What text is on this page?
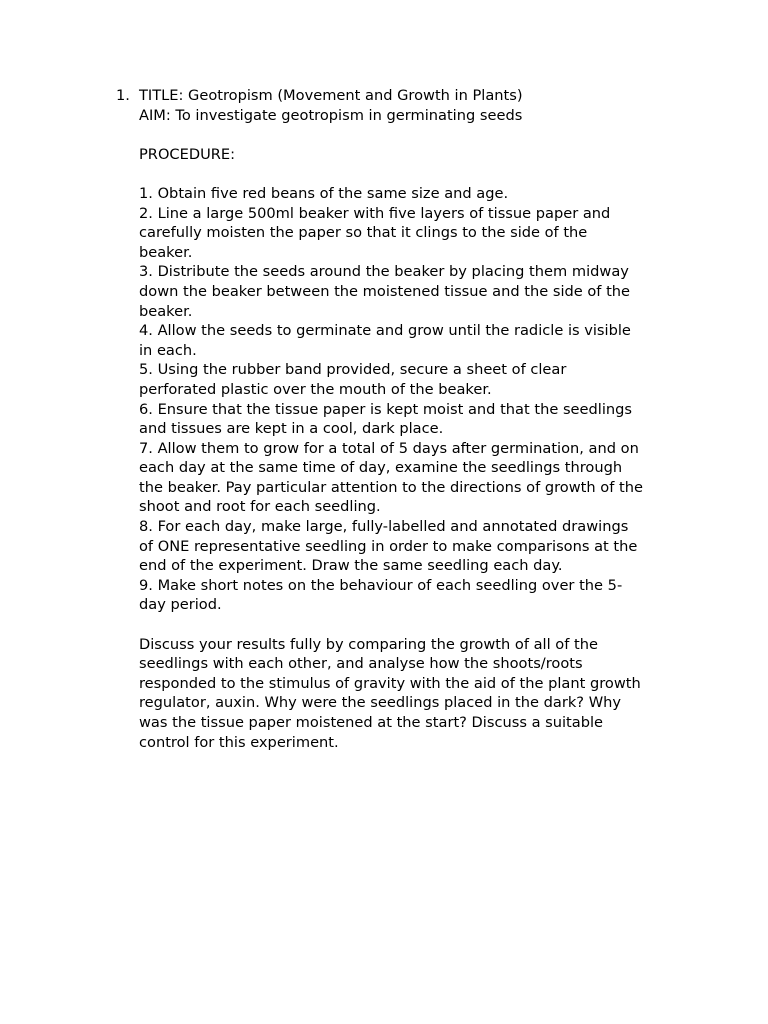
1. TITLE: Geotropism (Movement and Growth in Plants)
AIM: To investigate geotropism in germinating seeds
PROCEDURE:
1. Obtain five red beans of the same size and age.
2. Line a large 500ml beaker with five layers of tissue paper and
carefully moisten the paper so that it clings to the side of the
beaker.
3. Distribute the seeds around the beaker by placing them midway
down the beaker between the moistened tissue and the side of the
beaker.
4. Allow the seeds to germinate and grow until the radicle is visible
in each.
5. Using the rubber band provided, secure a sheet of clear
perforated plastic over the mouth of the beaker.
6. Ensure that the tissue paper is kept moist and that the seedlings
and tissues are kept in a cool, dark place.
7. Allow them to grow for a total of 5 days after germination, and on
each day at the same time of day, examine the seedlings through
the beaker. Pay particular attention to the directions of growth of the
shoot and root for each seedling.
8. For each day, make large, fully-labelled and annotated drawings
of ONE representative seedling in order to make comparisons at the
end of the experiment. Draw the same seedling each day.
9. Make short notes on the behaviour of each seedling over the 5-
day period.
Discuss your results fully by comparing the growth of all of the
seedlings with each other, and analyse how the shoots/roots
responded to the stimulus of gravity with the aid of the plant growth
regulator, auxin. Why were the seedlings placed in the dark? Why
was the tissue paper moistened at the start? Discuss a suitable
control for this experiment.
